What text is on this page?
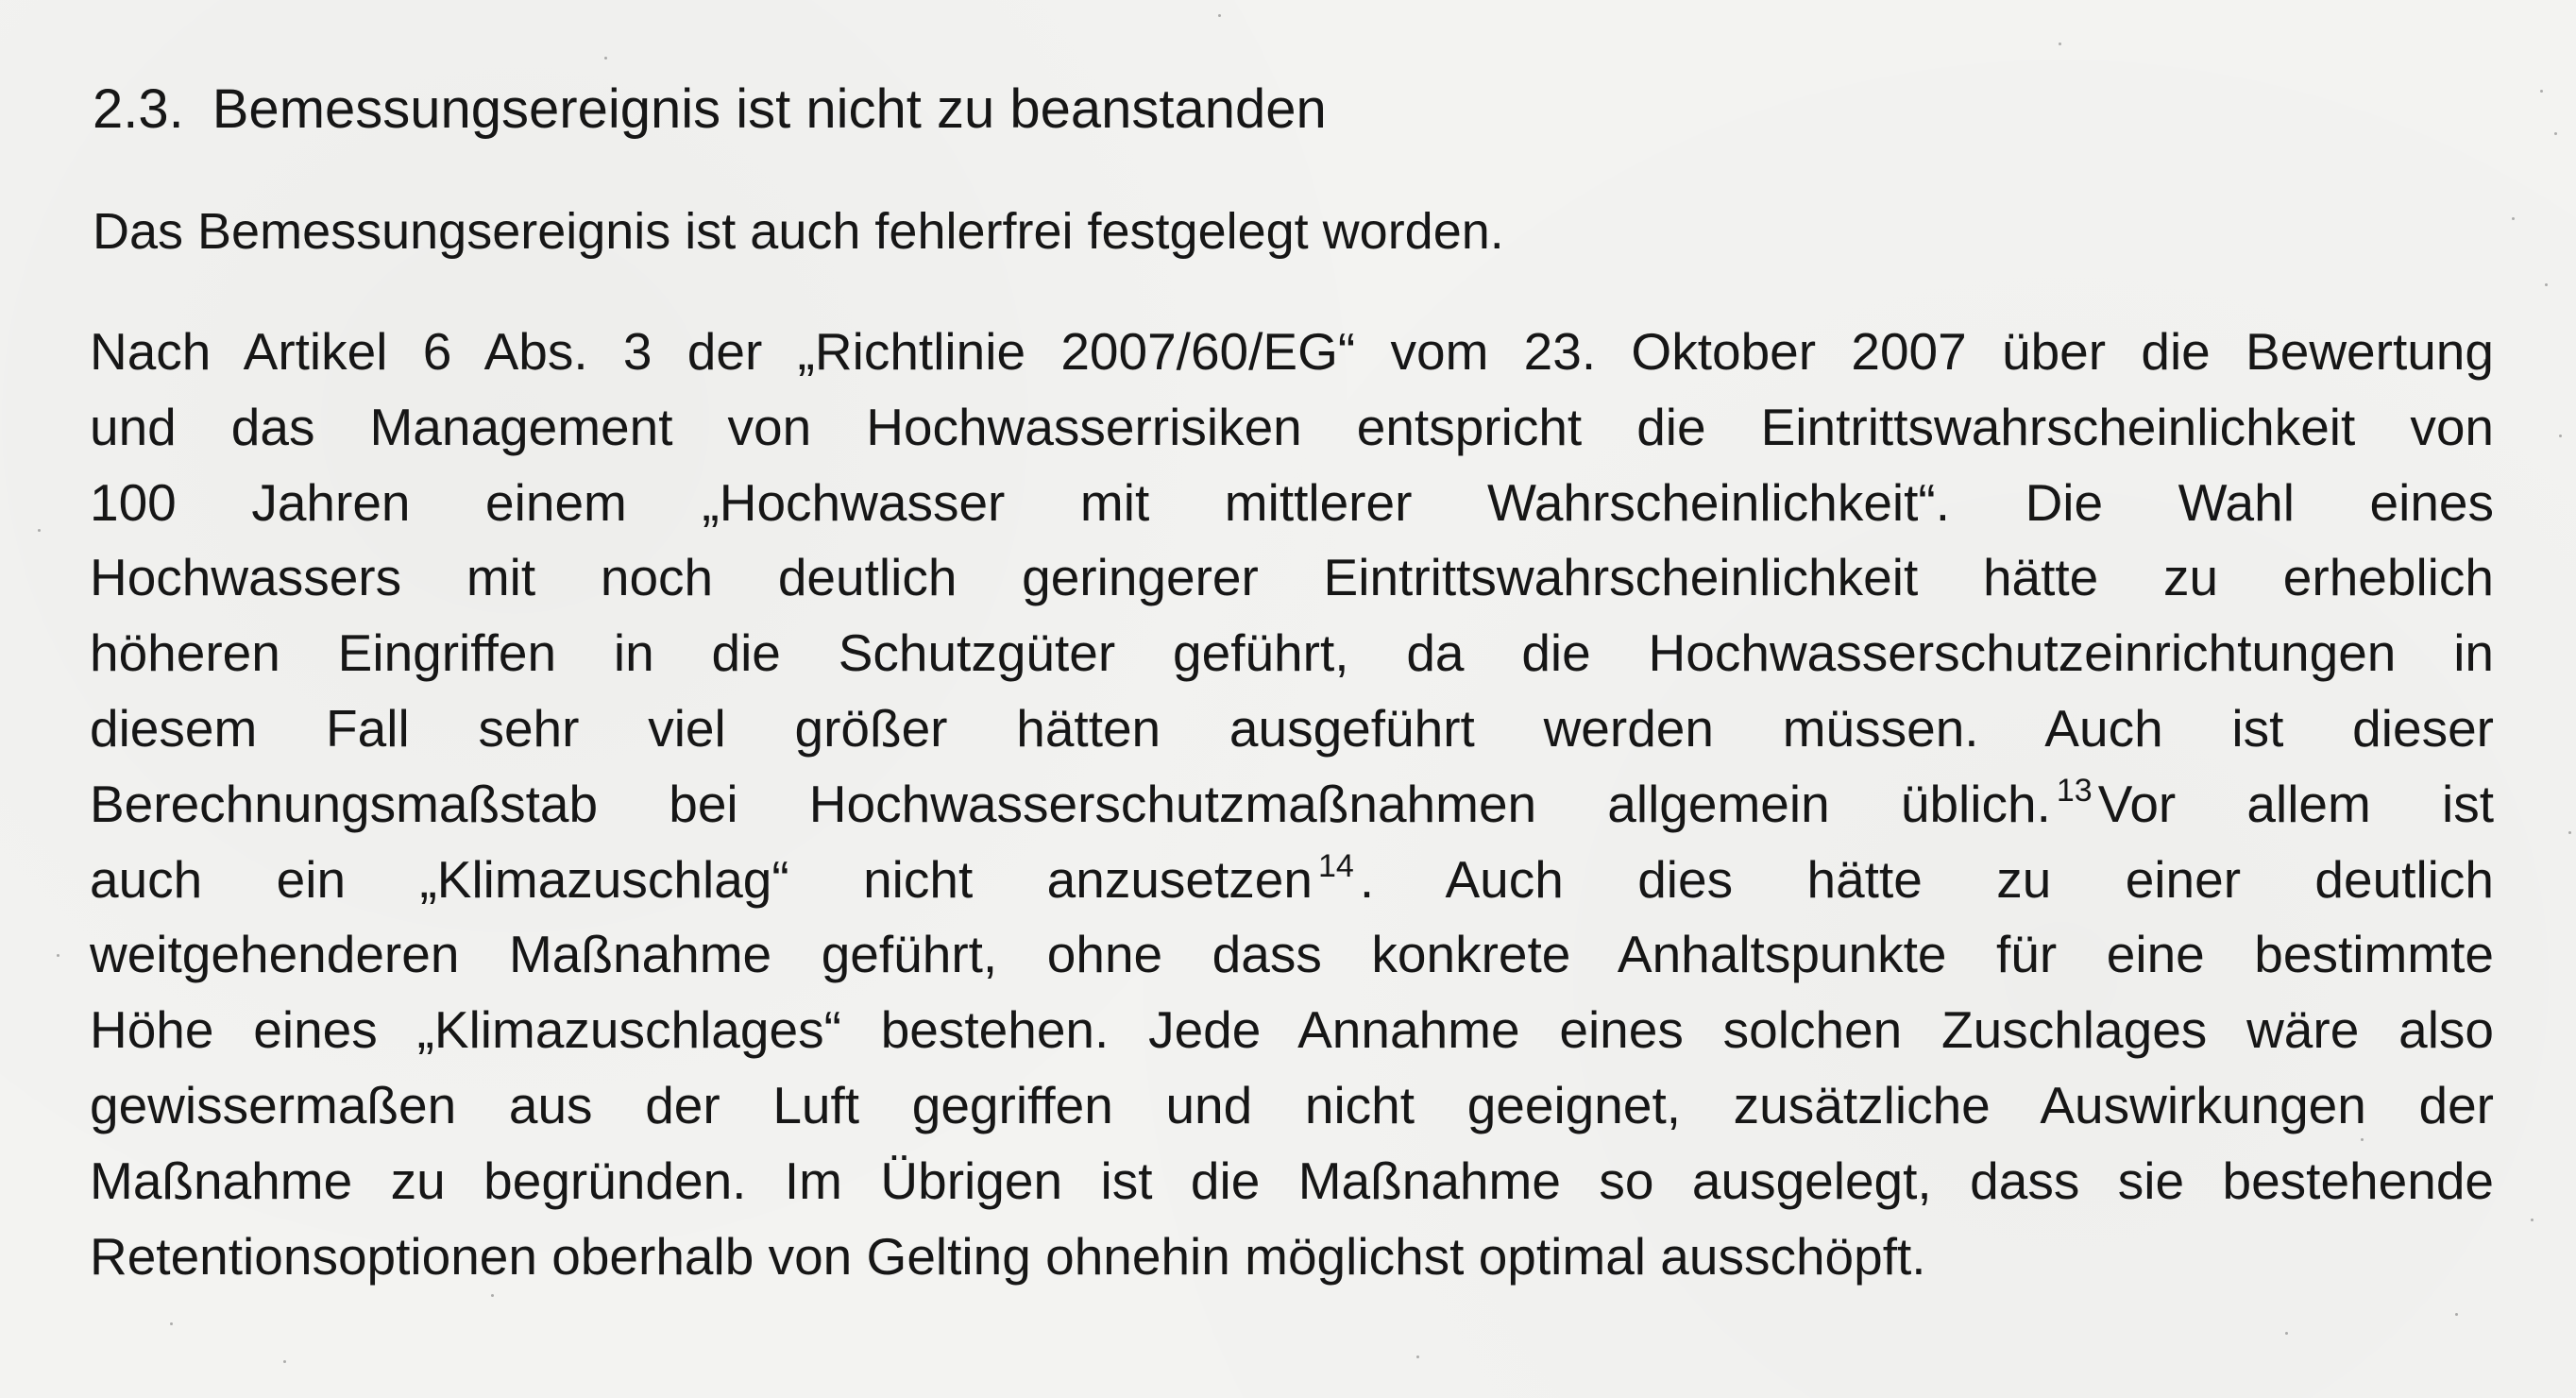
2.3. Bemessungsereignis ist nicht zu beanstanden

Das Bemessungsereignis ist auch fehlerfrei festgelegt worden.

Nach Artikel 6 Abs. 3 der „Richtlinie 2007/60/EG“ vom 23. Oktober 2007 über die Bewertung
und das Management von Hochwasserrisiken entspricht die Eintrittswahrscheinlichkeit von
100 Jahren einem „Hochwasser mit mittlerer Wahrscheinlichkeit“. Die Wahl eines
Hochwassers mit noch deutlich geringerer Eintrittswahrscheinlichkeit hätte zu erheblich
höheren Eingriffen in die Schutzgüter geführt, da die Hochwasserschutzeinrichtungen in
diesem Fall sehr viel größer hätten ausgeführt werden müssen. Auch ist dieser
Berechnungsmaßstab bei Hochwasserschutzmaßnahmen allgemein üblich. $^{13}$ Vor allem ist
auch ein „Klimazuschlag“ nicht anzusetzen $^{14}$ . Auch dies hätte zu einer deutlich
weitgehenderen Maßnahme geführt, ohne dass konkrete Anhaltspunkte für eine bestimmte
Höhe eines „Klimazuschlages“ bestehen. Jede Annahme eines solchen Zuschlages wäre also
gewissermaßen aus der Luft gegriffen und nicht geeignet, zusätzliche Auswirkungen der
Maßnahme zu begründen. Im Übrigen ist die Maßnahme so ausgelegt, dass sie bestehende
Retentionsoptionen oberhalb von Gelting ohnehin möglichst optimal ausschöpft.
